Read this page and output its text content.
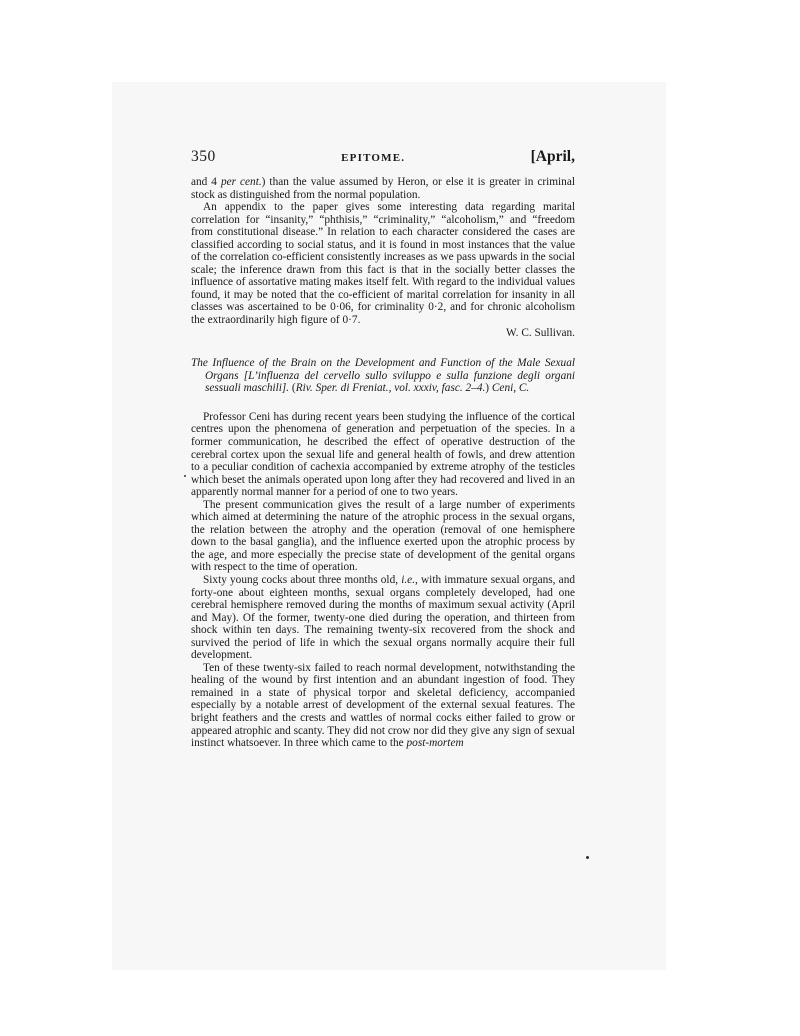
350	EPITOME.	[April,

and 4 per cent.) than the value assumed by Heron, or else it is greater in criminal stock as distinguished from the normal population.

An appendix to the paper gives some interesting data regarding marital correlation for “insanity,” “phthisis,” “criminality,” “alcoholism,” and “freedom from constitutional disease.” In relation to each character considered the cases are classified according to social status, and it is found in most instances that the value of the correlation co-efficient consistently increases as we pass upwards in the social scale; the inference drawn from this fact is that in the socially better classes the influence of assortative mating makes itself felt. With regard to the individual values found, it may be noted that the co-efficient of marital correlation for insanity in all classes was ascertained to be 0·06, for criminality 0·2, and for chronic alcoholism the extraordinarily high figure of 0·7.

W. C. Sullivan.

The Influence of the Brain on the Development and Function of the Male Sexual Organs [L’influenza del cervello sullo sviluppo e sulla funzione degli organi sessuali maschili]. (Riv. Sper. di Freniat., vol. xxxiv, fasc. 2–4.) Ceni, C.

Professor Ceni has during recent years been studying the influence of the cortical centres upon the phenomena of generation and perpetuation of the species. In a former communication, he described the effect of operative destruction of the cerebral cortex upon the sexual life and general health of fowls, and drew attention to a peculiar condition of cachexia accompanied by extreme atrophy of the testicles which beset the animals operated upon long after they had recovered and lived in an apparently normal manner for a period of one to two years.

The present communication gives the result of a large number of experiments which aimed at determining the nature of the atrophic process in the sexual organs, the relation between the atrophy and the operation (removal of one hemisphere down to the basal ganglia), and the influence exerted upon the atrophic process by the age, and more especially the precise state of development of the genital organs with respect to the time of operation.

Sixty young cocks about three months old, i.e., with immature sexual organs, and forty-one about eighteen months, sexual organs completely developed, had one cerebral hemisphere removed during the months of maximum sexual activity (April and May). Of the former, twenty-one died during the operation, and thirteen from shock within ten days. The remaining twenty-six recovered from the shock and survived the period of life in which the sexual organs normally acquire their full development.

Ten of these twenty-six failed to reach normal development, notwithstanding the healing of the wound by first intention and an abundant ingestion of food. They remained in a state of physical torpor and skeletal deficiency, accompanied especially by a notable arrest of development of the external sexual features. The bright feathers and the crests and wattles of normal cocks either failed to grow or appeared atrophic and scanty. They did not crow nor did they give any sign of sexual instinct whatsoever. In three which came to the post-mortem
